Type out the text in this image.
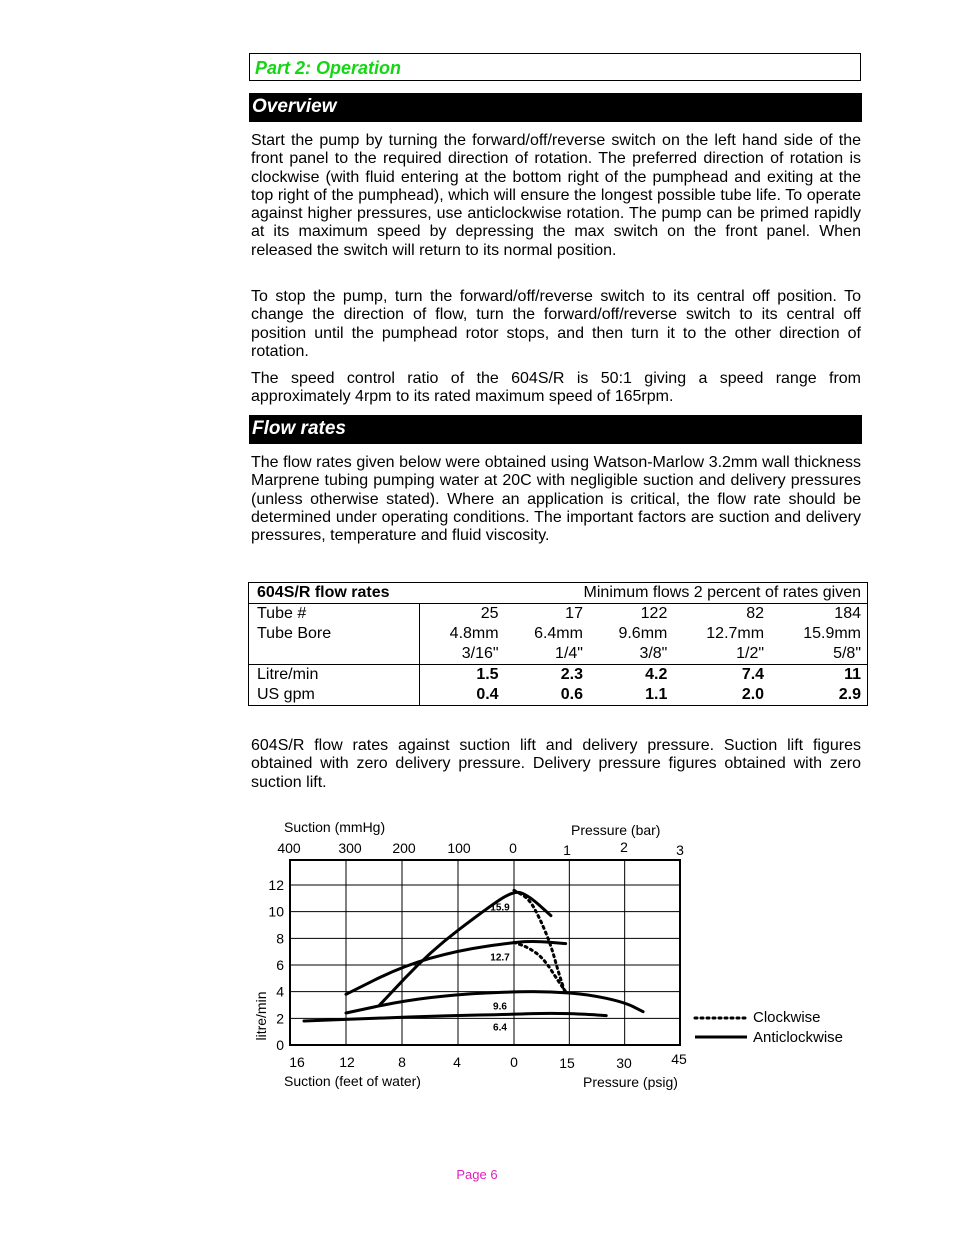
Part 2: Operation
Overview

Start the pump by turning the forward/off/reverse switch on the left hand side of the front panel to the required direction of rotation. The preferred direction of rotation is clockwise (with fluid entering at the bottom right of the pumphead and exiting at the top right of the pumphead), which will ensure the longest possible tube life. To operate against higher pressures, use anticlockwise rotation. The pump can be primed rapidly at its maximum speed by depressing the max switch on the front panel. When released the switch will return to its normal position.

To stop the pump, turn the forward/off/reverse switch to its central off position. To change the direction of flow, turn the forward/off/reverse switch to its central off position until the pumphead rotor stops, and then turn it to the other direction of rotation.

The speed control ratio of the 604S/R is 50:1 giving a speed range from approximately 4rpm to its rated maximum speed of 165rpm.

Flow rates

The flow rates given below were obtained using Watson-Marlow 3.2mm wall thickness Marprene tubing pumping water at 20C with negligible suction and delivery pressures (unless otherwise stated). Where an application is critical, the flow rate should be determined under operating conditions. The important factors are suction and delivery pressures, temperature and fluid viscosity.

604S/R flow rates	Minimum flows 2 percent of rates given				
Tube #	25	17	122	82	184
Tube Bore	4.8mm	6.4mm	9.6mm	12.7mm	15.9mm
	3/16"	1/4"	3/8"	1/2"	5/8"
Litre/min	1.5	2.3	4.2	7.4	11
US gpm	0.4	0.6	1.1	2.0	2.9

604S/R flow rates against suction lift and delivery pressure. Suction lift figures obtained with zero delivery pressure. Delivery pressure figures obtained with zero suction lift.

400	300 200 100	0
Suction (mmHg)
1	2	3
Pressure (bar)
0
2
4
6
8
10
12
litre/min
16 12	8	4	0
Suction (feet of water)
15	30	45
Pressure (psig)
15.9
12.7
9.6
6.4
Clockwise
Anticlockwise
Page 6
